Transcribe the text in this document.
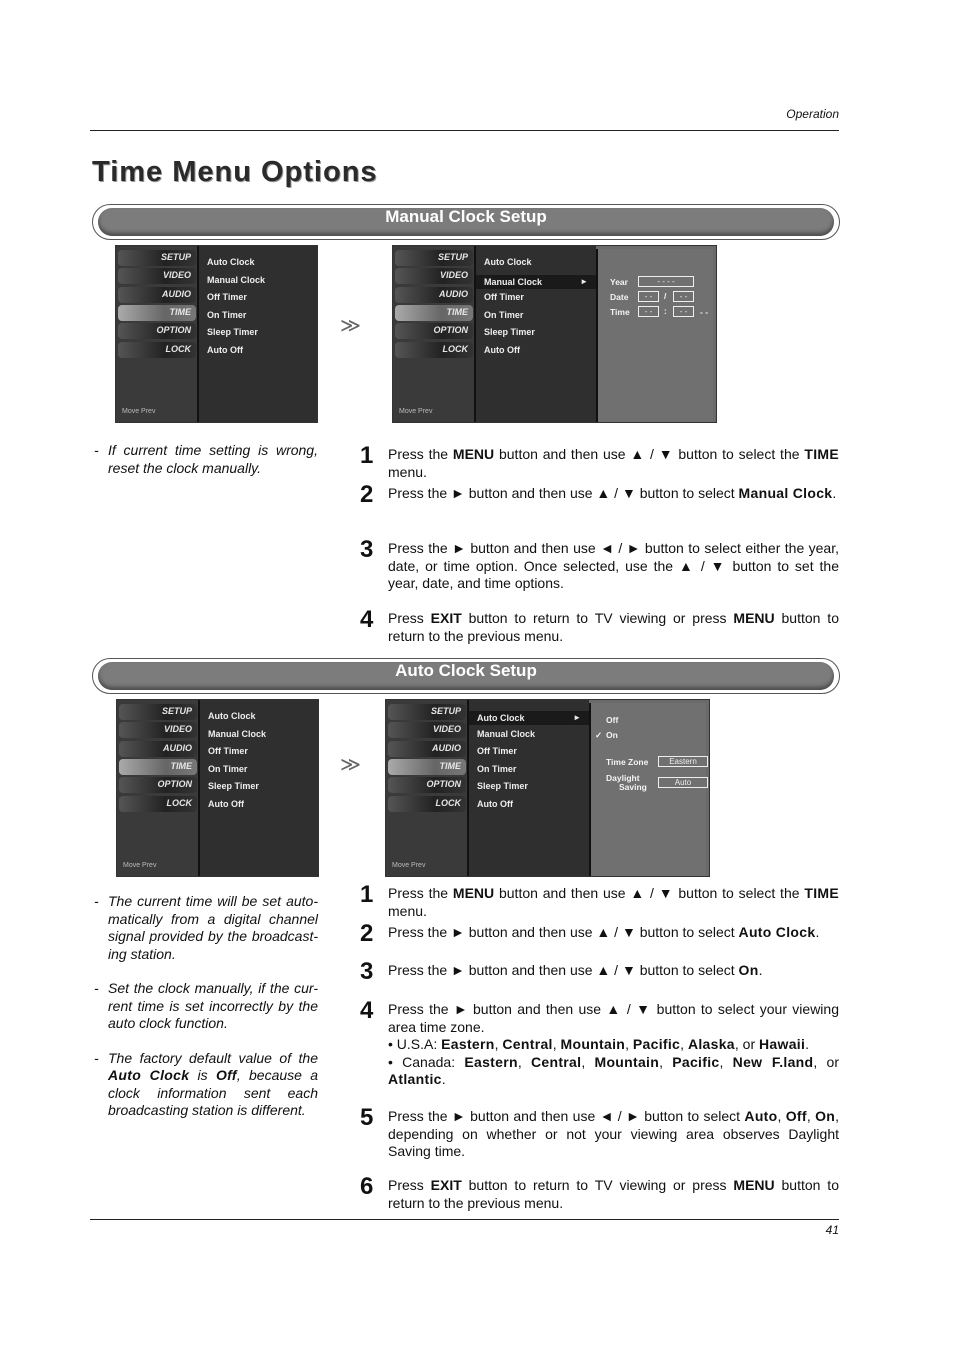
Operation
Time Menu Options
Manual Clock Setup
SETUP
VIDEO
AUDIO
TIME
OPTION
LOCK
Auto Clock
Manual Clock
Off Timer
On Timer
Sleep Timer
Auto Off
Move Prev
≫
SETUP
VIDEO
AUDIO
TIME
OPTION
LOCK
Auto Clock
Manual Clock ►
Off Timer
On Timer
Sleep Timer
Auto Off
Year	- - - -
Date	- -	/	- -
Time	- -	:	- -	- -
Move Prev

- If current time setting is wrong, reset the clock manually.	1 Press the MENU button and then use ▲ / ▼ button to select the TIME menu.
2 Press the ► button and then use ▲ / ▼ button to select Manual Clock.
3 Press the ► button and then use ◄ / ► button to select either the year, date, or time option. Once selected, use the ▲ / ▼ button to set the year, date, and time options.
4 Press EXIT button to return to TV viewing or press MENU button to return to the previous menu.
Auto Clock Setup
SETUP
VIDEO
AUDIO
TIME
OPTION
LOCK
Auto Clock
Manual Clock
Off Timer
On Timer
Sleep Timer
Auto Off
Move Prev
≫
SETUP
VIDEO
AUDIO
TIME
OPTION
LOCK
Auto Clock ►
Manual Clock
Off Timer
On Timer
Sleep Timer
Auto Off
Off
✓ On
Time Zone	Eastern
Daylight
Saving	Auto
Move Prev

- The current time will be set auto-matically from a digital channel signal provided by the broadcast-ing station.

- Set the clock manually, if the cur-rent time is set incorrectly by the auto clock function.

- The factory default value of the Auto Clock is Off, because a clock information sent each broadcasting station is different.

1 Press the MENU button and then use ▲ / ▼ button to select the TIME menu.
2 Press the ► button and then use ▲ / ▼ button to select Auto Clock.
3 Press the ► button and then use ▲ / ▼ button to select On.
4 Press the ► button and then use ▲ / ▼ button to select your viewing area time zone.
• U.S.A: Eastern, Central, Mountain, Pacific, Alaska, or Hawaii.
• Canada: Eastern, Central, Mountain, Pacific, New F.land, or Atlantic.
5 Press the ► button and then use ◄ / ► button to select Auto, Off, On, depending on whether or not your viewing area observes Daylight Saving time.
6 Press EXIT button to return to TV viewing or press MENU button to return to the previous menu.
41
